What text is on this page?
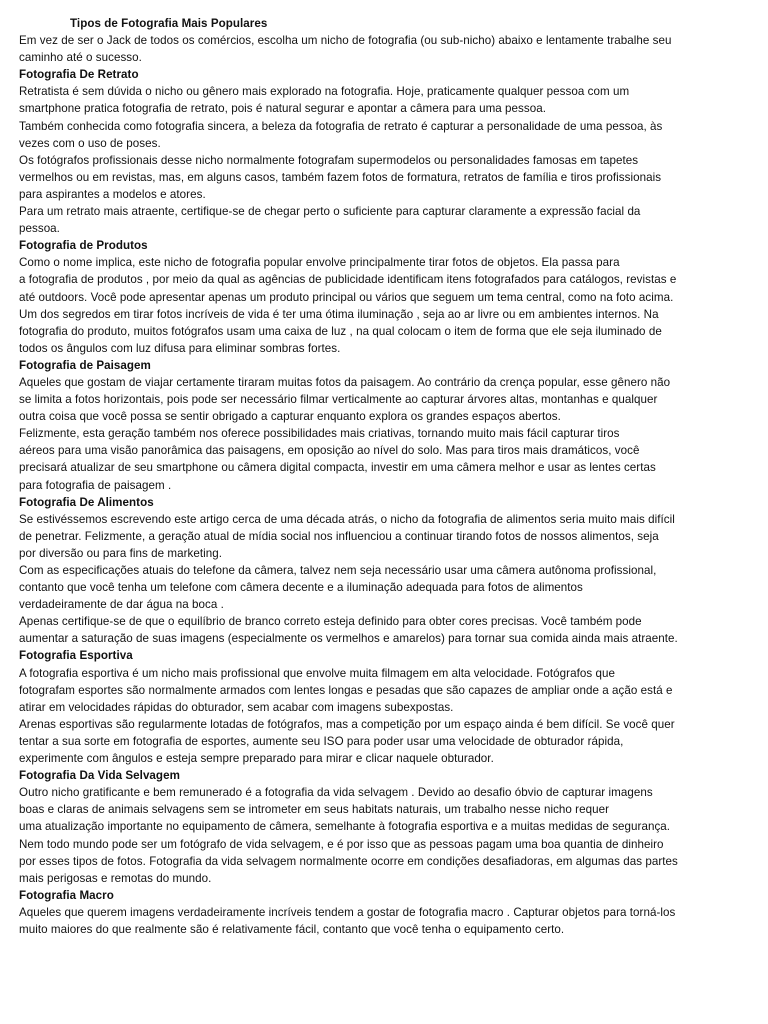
Tipos de Fotografia Mais Populares

Em vez de ser o Jack de todos os comércios, escolha um nicho de fotografia (ou sub-nicho) abaixo e lentamente trabalhe seu
caminho até o sucesso.

Fotografia De Retrato

Retratista é sem dúvida o nicho ou gênero mais explorado na fotografia. Hoje, praticamente qualquer pessoa com um
smartphone pratica fotografia de retrato, pois é natural segurar e apontar a câmera para uma pessoa.

Também conhecida como fotografia sincera, a beleza da fotografia de retrato é capturar a personalidade de uma pessoa, às
vezes com o uso de poses.

Os fotógrafos profissionais desse nicho normalmente fotografam supermodelos ou personalidades famosas em tapetes
vermelhos ou em revistas, mas, em alguns casos, também fazem fotos de formatura, retratos de família e tiros profissionais
para aspirantes a modelos e atores.

Para um retrato mais atraente, certifique-se de chegar perto o suficiente para capturar claramente a expressão facial da
pessoa.

Fotografia de Produtos

Como o nome implica, este nicho de fotografia popular envolve principalmente tirar fotos de objetos. Ela passa para
a fotografia de produtos , por meio da qual as agências de publicidade identificam itens fotografados para catálogos, revistas e
até outdoors. Você pode apresentar apenas um produto principal ou vários que seguem um tema central, como na foto acima.
Um dos segredos em tirar fotos incríveis de vida é ter uma ótima iluminação , seja ao ar livre ou em ambientes internos. Na
fotografia do produto, muitos fotógrafos usam uma caixa de luz , na qual colocam o item de forma que ele seja iluminado de
todos os ângulos com luz difusa para eliminar sombras fortes.

Fotografia de Paisagem

Aqueles que gostam de viajar certamente tiraram muitas fotos da paisagem. Ao contrário da crença popular, esse gênero não
se limita a fotos horizontais, pois pode ser necessário filmar verticalmente ao capturar árvores altas, montanhas e qualquer
outra coisa que você possa se sentir obrigado a capturar enquanto explora os grandes espaços abertos.

Felizmente, esta geração também nos oferece possibilidades mais criativas, tornando muito mais fácil capturar tiros
aéreos para uma visão panorâmica das paisagens, em oposição ao nível do solo. Mas para tiros mais dramáticos, você
precisará atualizar de seu smartphone ou câmera digital compacta, investir em uma câmera melhor e usar as lentes certas
para fotografia de paisagem .

Fotografia De Alimentos

Se estivéssemos escrevendo este artigo cerca de uma década atrás, o nicho da fotografia de alimentos seria muito mais difícil
de penetrar. Felizmente, a geração atual de mídia social nos influenciou a continuar tirando fotos de nossos alimentos, seja
por diversão ou para fins de marketing.

Com as especificações atuais do telefone da câmera, talvez nem seja necessário usar uma câmera autônoma profissional,
contanto que você tenha um telefone com câmera decente e a iluminação adequada para fotos de alimentos
verdadeiramente de dar água na boca .

Apenas certifique-se de que o equilíbrio de branco correto esteja definido para obter cores precisas. Você também pode
aumentar a saturação de suas imagens (especialmente os vermelhos e amarelos) para tornar sua comida ainda mais atraente.

Fotografia Esportiva

A fotografia esportiva é um nicho mais profissional que envolve muita filmagem em alta velocidade. Fotógrafos que
fotografam esportes são normalmente armados com lentes longas e pesadas que são capazes de ampliar onde a ação está e
atirar em velocidades rápidas do obturador, sem acabar com imagens subexpostas.

Arenas esportivas são regularmente lotadas de fotógrafos, mas a competição por um espaço ainda é bem difícil. Se você quer
tentar a sua sorte em fotografia de esportes, aumente seu ISO para poder usar uma velocidade de obturador rápida,
experimente com ângulos e esteja sempre preparado para mirar e clicar naquele obturador.

Fotografia Da Vida Selvagem

Outro nicho gratificante e bem remunerado é a fotografia da vida selvagem . Devido ao desafio óbvio de capturar imagens
boas e claras de animais selvagens sem se intrometer em seus habitats naturais, um trabalho nesse nicho requer
uma atualização importante no equipamento de câmera, semelhante à fotografia esportiva e a muitas medidas de segurança.
Nem todo mundo pode ser um fotógrafo de vida selvagem, e é por isso que as pessoas pagam uma boa quantia de dinheiro
por esses tipos de fotos. Fotografia da vida selvagem normalmente ocorre em condições desafiadoras, em algumas das partes
mais perigosas e remotas do mundo.

Fotografia Macro

Aqueles que querem imagens verdadeiramente incríveis tendem a gostar de fotografia macro . Capturar objetos para torná-los
muito maiores do que realmente são é relativamente fácil, contanto que você tenha o equipamento certo.
